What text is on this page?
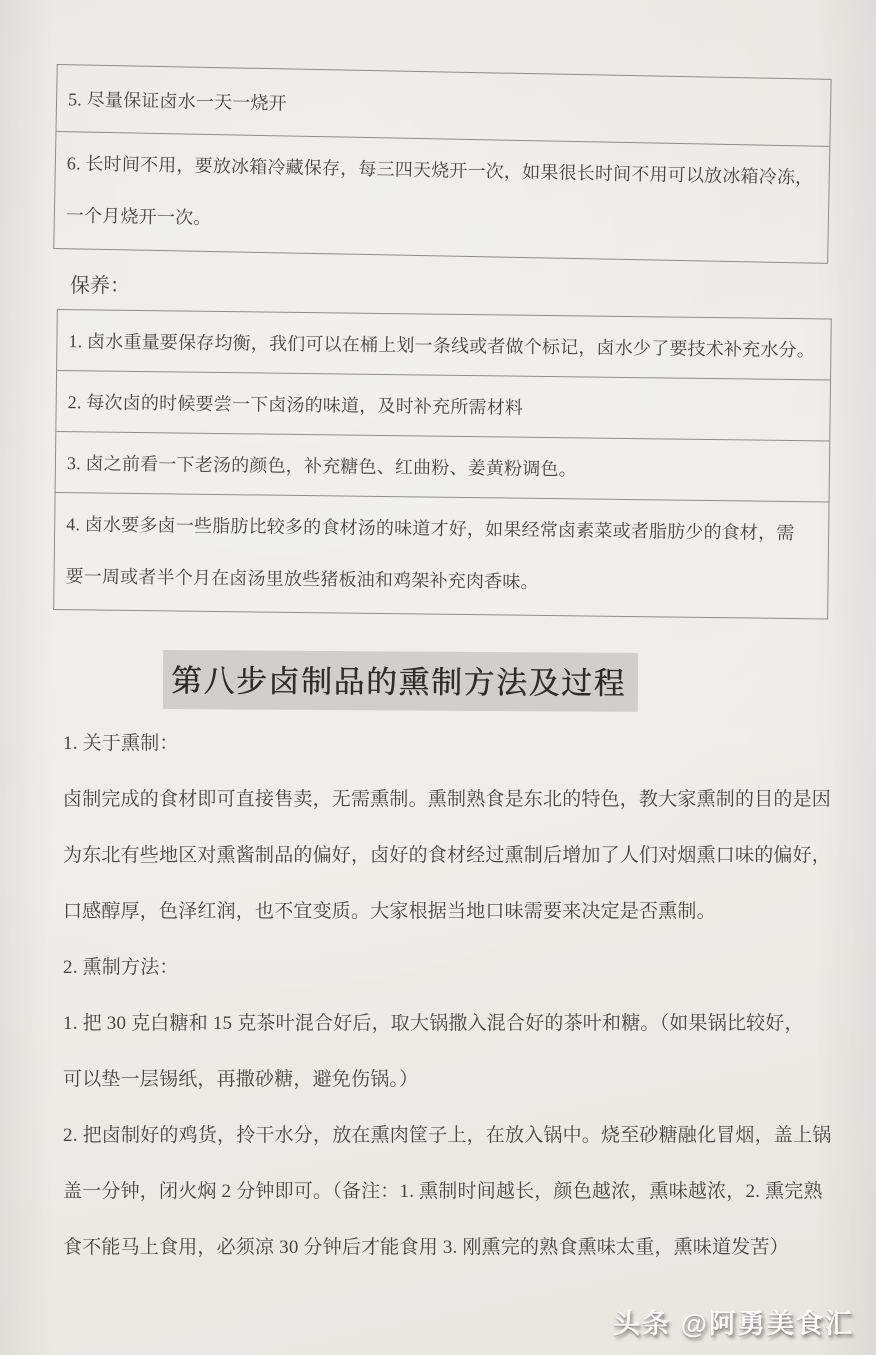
5. 尽量保证卤水一天一烧开

6. 长时间不用，要放冰箱冷藏保存，每三四天烧开一次，如果很长时间不用可以放冰箱冷冻，

一个月烧开一次。

保养：

1. 卤水重量要保存均衡，我们可以在桶上划一条线或者做个标记，卤水少了要技术补充水分。

2. 每次卤的时候要尝一下卤汤的味道，及时补充所需材料

3. 卤之前看一下老汤的颜色，补充糖色、红曲粉、姜黄粉调色。

4. 卤水要多卤一些脂肪比较多的食材汤的味道才好，如果经常卤素菜或者脂肪少的食材，需

要一周或者半个月在卤汤里放些猪板油和鸡架补充肉香味。

第八步卤制品的熏制方法及过程

1. 关于熏制：

卤制完成的食材即可直接售卖，无需熏制。熏制熟食是东北的特色，教大家熏制的目的是因

为东北有些地区对熏酱制品的偏好，卤好的食材经过熏制后增加了人们对烟熏口味的偏好，

口感醇厚，色泽红润，也不宜变质。大家根据当地口味需要来决定是否熏制。

2. 熏制方法：

1. 把 30 克白糖和 15 克茶叶混合好后，取大锅撒入混合好的茶叶和糖。（如果锅比较好，

可以垫一层锡纸，再撒砂糖，避免伤锅。）

2. 把卤制好的鸡货，拎干水分，放在熏肉筐子上，在放入锅中。烧至砂糖融化冒烟，盖上锅

盖一分钟，闭火焖 2 分钟即可。（备注：1. 熏制时间越长，颜色越浓，熏味越浓，2. 熏完熟

食不能马上食用，必须凉 30 分钟后才能食用 3. 刚熏完的熟食熏味太重，熏味道发苦）

头条 @阿勇美食汇
